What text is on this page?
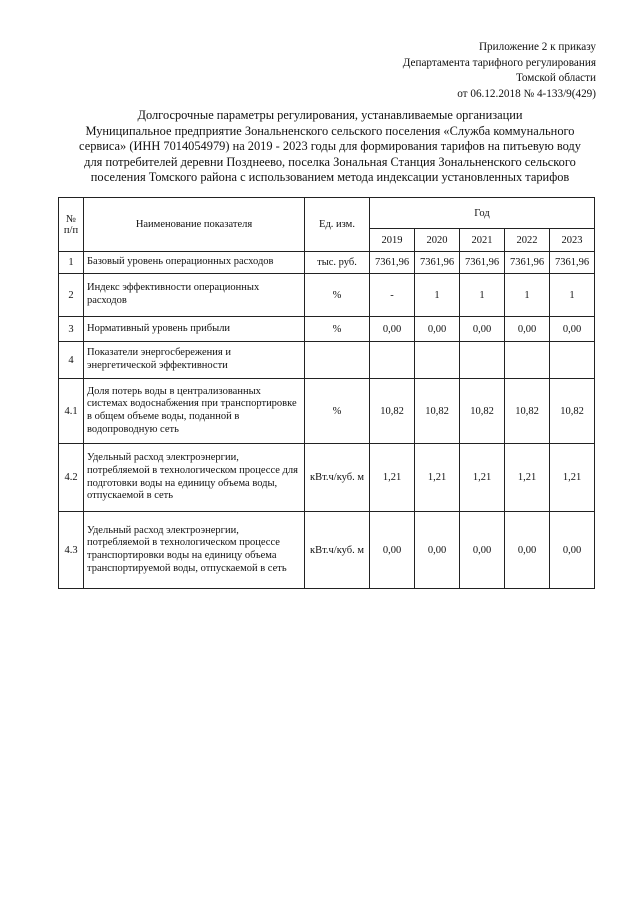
Приложение 2 к приказу
Департамента тарифного регулирования
Томской области
от 06.12.2018 № 4-133/9(429)
Долгосрочные параметры регулирования, устанавливаемые организации
Муниципальное предприятие Зональненского сельского поселения «Служба коммунального
сервиса» (ИНН 7014054979) на 2019 - 2023 годы для формирования тарифов на питьевую воду
для потребителей деревни Позднеево, поселка Зональная Станция Зональненского сельского
поселения Томского района с использованием метода индексации установленных тарифов
№ п/п	Наименование показателя	Ед. изм.	Год				
			2019	2020	2021	2022	2023
1	Базовый уровень операционных расходов	тыс. руб.	7361,96	7361,96	7361,96	7361,96	7361,96
2	Индекс эффективности операционных расходов	%	-	1	1	1	1
3	Нормативный уровень прибыли	%	0,00	0,00	0,00	0,00	0,00
4	Показатели энергосбережения и энергетической эффективности						
4.1	Доля потерь воды в централизованных системах водоснабжения при транспортировке в общем объеме воды, поданной в водопроводную сеть	%	10,82	10,82	10,82	10,82	10,82
4.2	Удельный расход электроэнергии, потребляемой в технологическом процессе для подготовки воды на единицу объема воды, отпускаемой в сеть	кВт.ч/куб. м	1,21	1,21	1,21	1,21	1,21
4.3	Удельный расход электроэнергии, потребляемой в технологическом процессе транспортировки воды на единицу объема транспортируемой воды, отпускаемой в сеть	кВт.ч/куб. м	0,00	0,00	0,00	0,00	0,00
